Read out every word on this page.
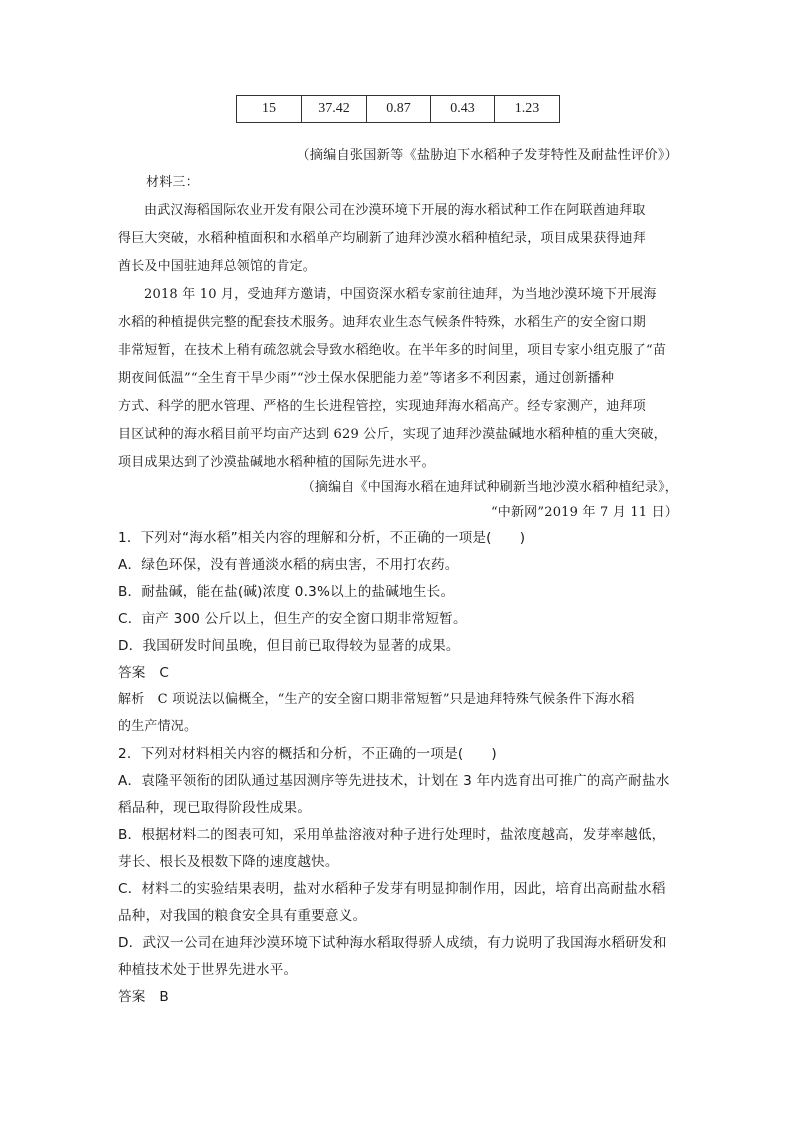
15	37.42	0.87	0.43	1.23
（摘编自张国新等《盐胁迫下水稻种子发芽特性及耐盐性评价》）
材料三：
由武汉海稻国际农业开发有限公司在沙漠环境下开展的海水稻试种工作在阿联酋迪拜取
得巨大突破，水稻种植面积和水稻单产均刷新了迪拜沙漠水稻种植纪录，项目成果获得迪拜
酋长及中国驻迪拜总领馆的肯定。
2018 年 10 月，受迪拜方邀请，中国资深水稻专家前往迪拜，为当地沙漠环境下开展海
水稻的种植提供完整的配套技术服务。迪拜农业生态气候条件特殊，水稻生产的安全窗口期
非常短暂，在技术上稍有疏忽就会导致水稻绝收。在半年多的时间里，项目专家小组克服了“苗
期夜间低温”“全生育干旱少雨”“沙土保水保肥能力差”等诸多不利因素，通过创新播种
方式、科学的肥水管理、严格的生长进程管控，实现迪拜海水稻高产。经专家测产，迪拜项
目区试种的海水稻目前平均亩产达到 629 公斤，实现了迪拜沙漠盐碱地水稻种植的重大突破，
项目成果达到了沙漠盐碱地水稻种植的国际先进水平。
（摘编自《中国海水稻在迪拜试种刷新当地沙漠水稻种植纪录》，
“中新网”2019 年 7 月 11 日）
1．下列对“海水稻”相关内容的理解和分析，不正确的一项是( )
A．绿色环保，没有普通淡水稻的病虫害，不用打农药。
B．耐盐碱，能在盐(碱)浓度 0.3%以上的盐碱地生长。
C．亩产 300 公斤以上，但生产的安全窗口期非常短暂。
D．我国研发时间虽晚，但目前已取得较为显著的成果。
答案　C
解析　C 项说法以偏概全，“生产的安全窗口期非常短暂”只是迪拜特殊气候条件下海水稻
的生产情况。
2．下列对材料相关内容的概括和分析，不正确的一项是( )
A．袁隆平领衔的团队通过基因测序等先进技术，计划在 3 年内选育出可推广的高产耐盐水
稻品种，现已取得阶段性成果。
B．根据材料二的图表可知，采用单盐溶液对种子进行处理时，盐浓度越高，发芽率越低，
芽长、根长及根数下降的速度越快。
C．材料二的实验结果表明，盐对水稻种子发芽有明显抑制作用，因此，培育出高耐盐水稻
品种，对我国的粮食安全具有重要意义。
D．武汉一公司在迪拜沙漠环境下试种海水稻取得骄人成绩，有力说明了我国海水稻研发和
种植技术处于世界先进水平。
答案　B
